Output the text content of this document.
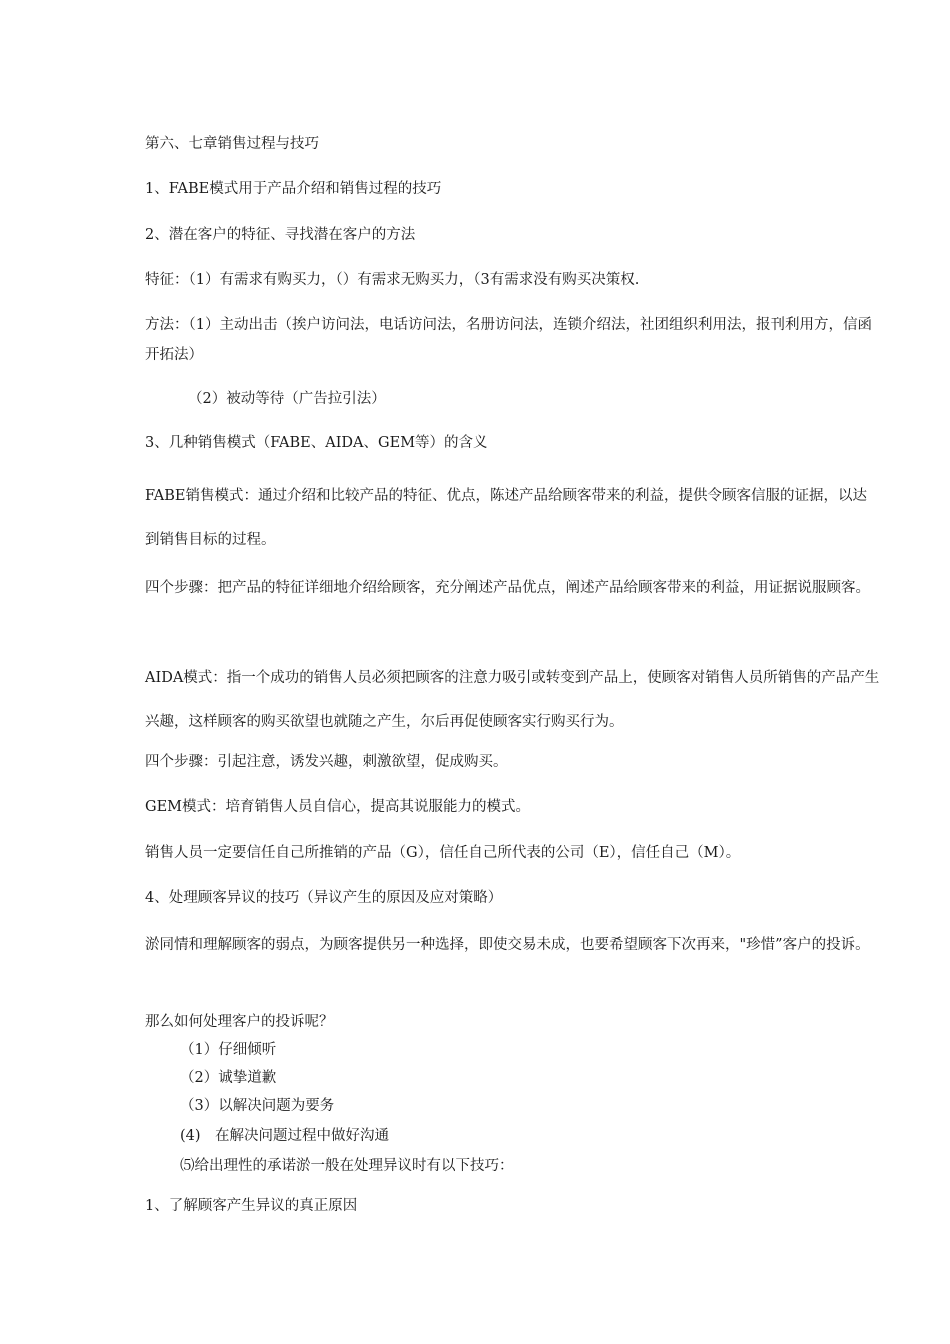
第六、七章销售过程与技巧

1、FABE模式用于产品介绍和销售过程的技巧

2、潜在客户的特征、寻找潜在客户的方法

特征：（1）有需求有购买力，（）有需求无购买力，（3有需求没有购买决策权.

方法：（1）主动出击（挨户访问法，电话访问法，名册访问法，连锁介绍法，社团组织利用法，报刊利用方，信函开拓法）

（2）被动等待（广告拉引法）

3、几种销售模式（FABE、AIDA、GEM等）的含义

FABE销售模式：通过介绍和比较产品的特征、优点，陈述产品给顾客带来的利益，提供令顾客信服的证据，以达到销售目标的过程。

四个步骤：把产品的特征详细地介绍给顾客，充分阐述产品优点，阐述产品给顾客带来的利益，用证据说服顾客。

AIDA模式：指一个成功的销售人员必须把顾客的注意力吸引或转变到产品上，使顾客对销售人员所销售的产品产生兴趣，这样顾客的购买欲望也就随之产生，尔后再促使顾客实行购买行为。

四个步骤：引起注意，诱发兴趣，刺激欲望，促成购买。

GEM模式：培育销售人员自信心，提高其说服能力的模式。

销售人员一定要信任自己所推销的产品（G），信任自己所代表的公司（E），信任自己（M）。

4、处理顾客异议的技巧（异议产生的原因及应对策略）

淤同情和理解顾客的弱点，为顾客提供另一种选择，即使交易未成，也要希望顾客下次再来，"珍惜”客户的投诉。

那么如何处理客户的投诉呢？

（1）仔细倾听

（2）诚挚道歉

（3）以解决问题为要务

(4)　在解决问题过程中做好沟通

⑸给出理性的承诺淤一般在处理异议时有以下技巧：

1、了解顾客产生异议的真正原因
